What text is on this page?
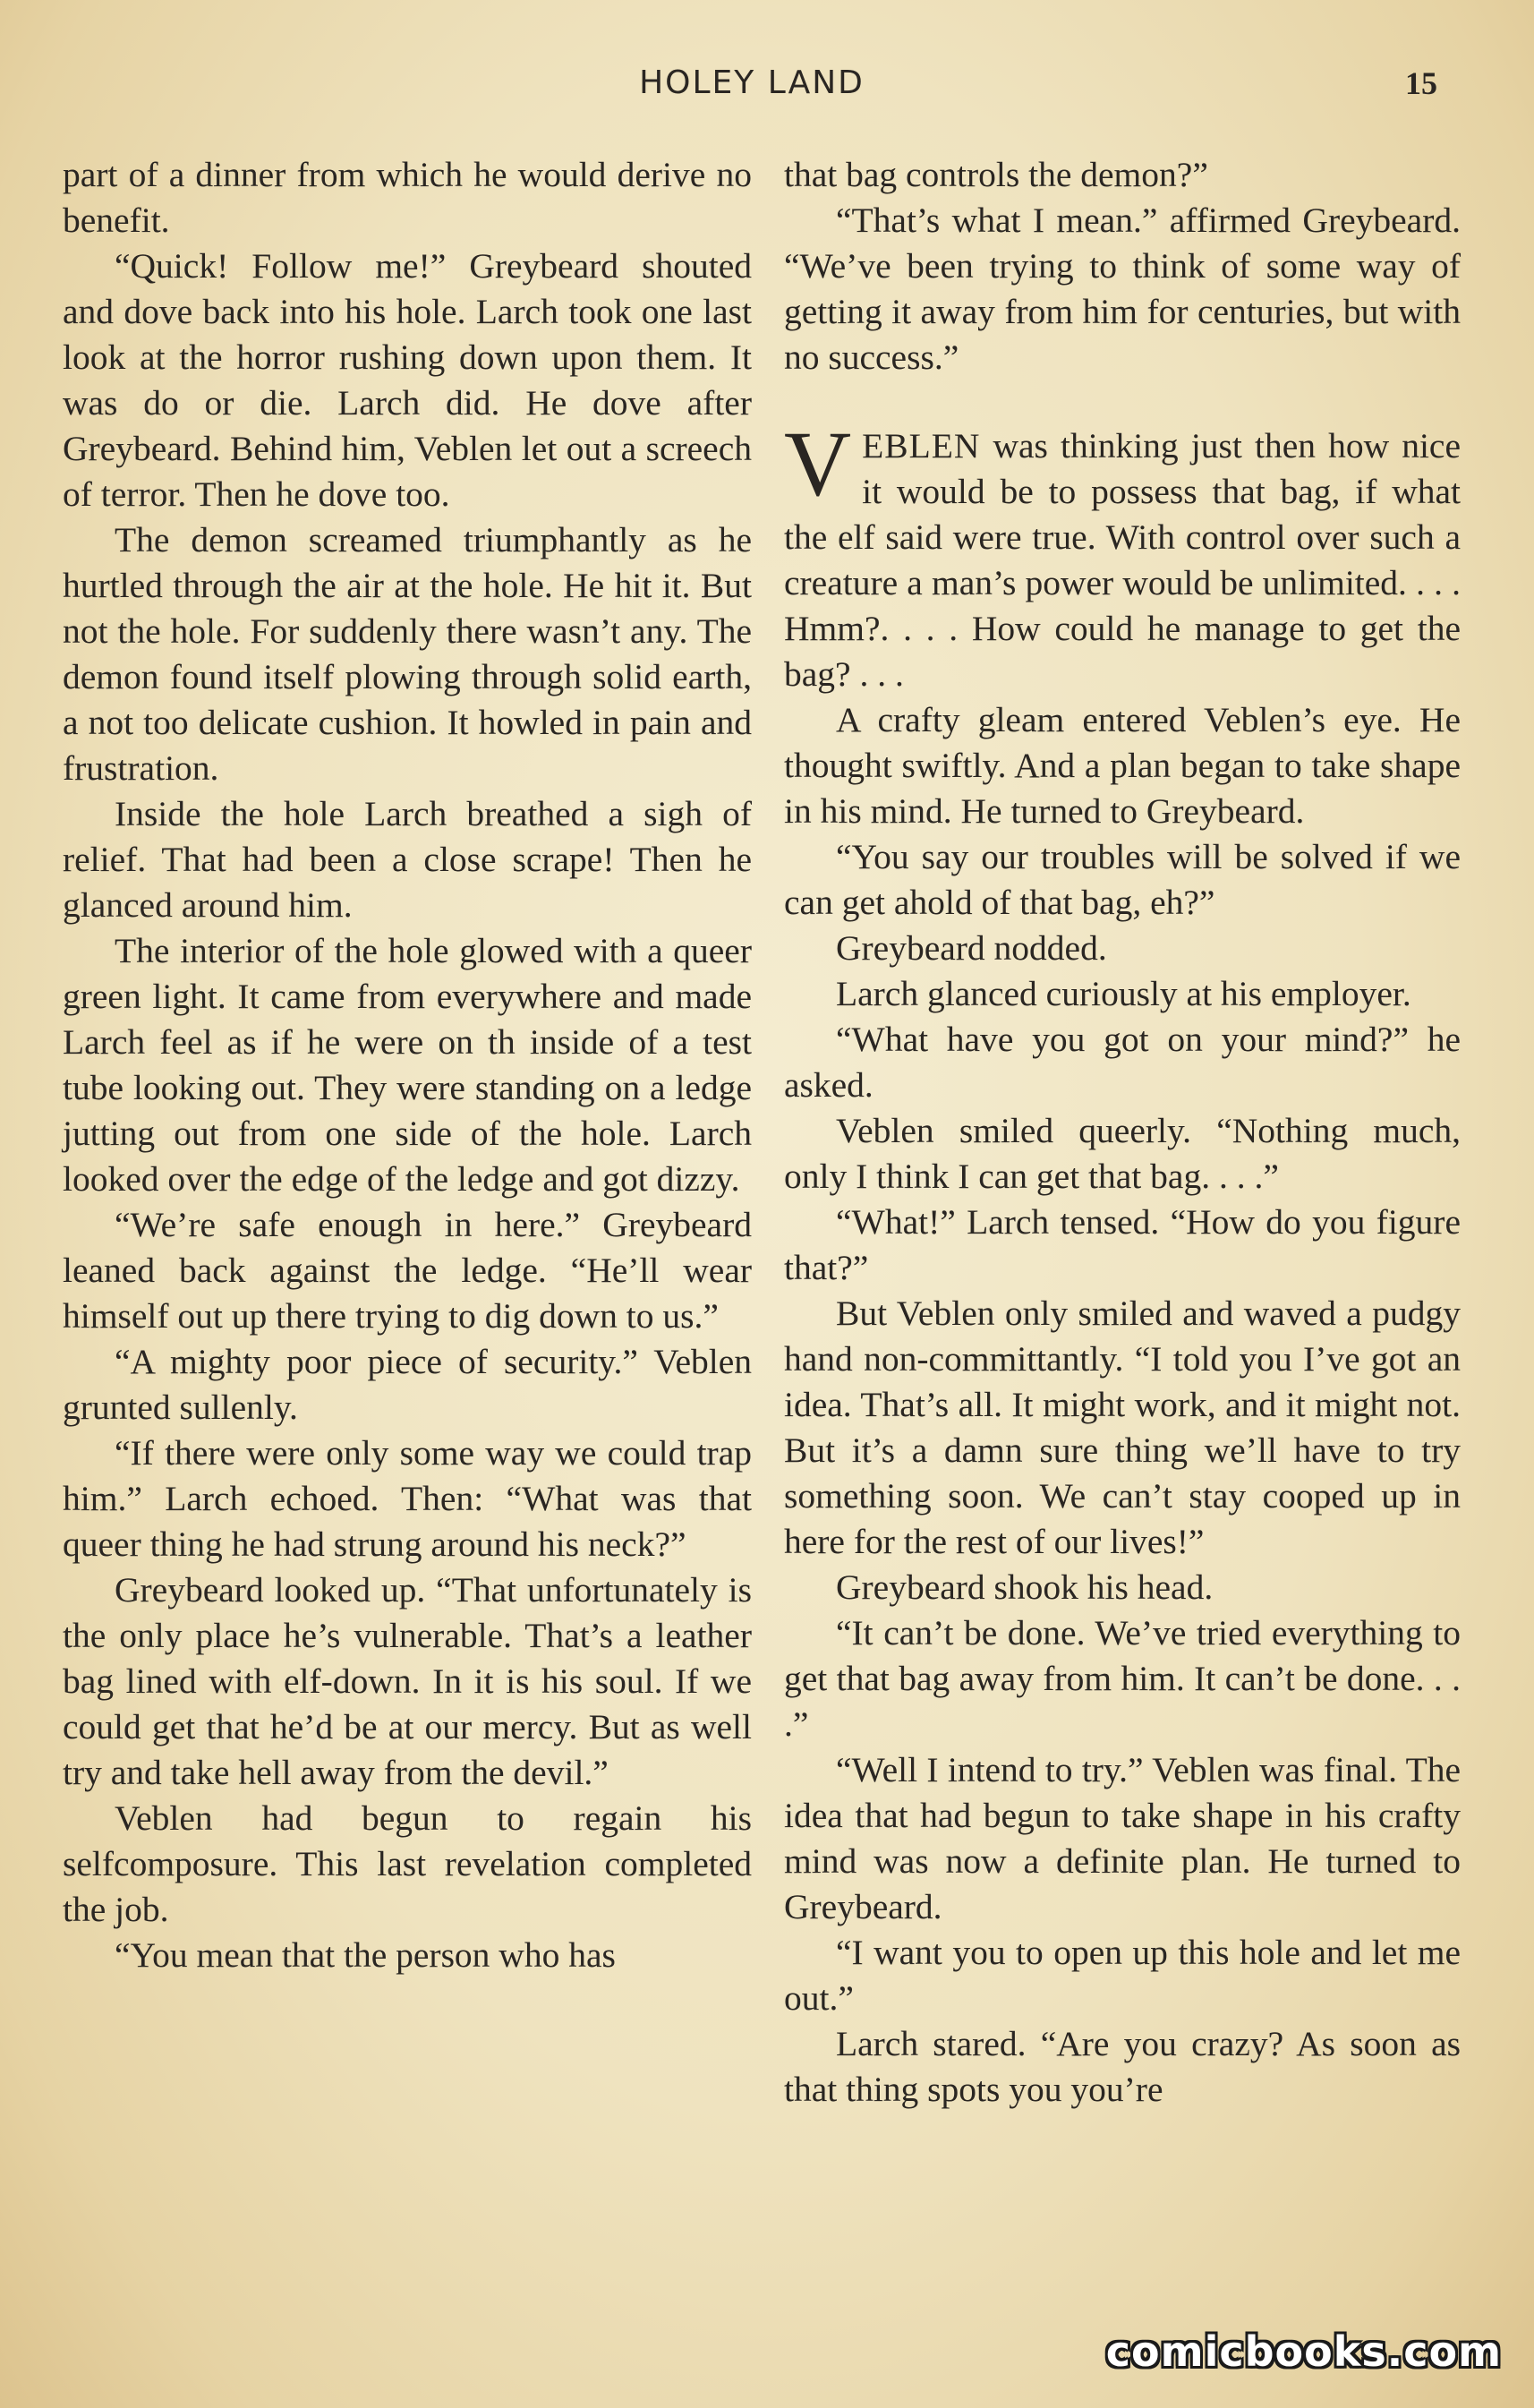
HOLEY LAND	15

part of a dinner from which he would derive no benefit.

“Quick! Follow me!” Greybeard shouted and dove back into his hole. Larch took one last look at the horror rushing down upon them. It was do or die. Larch did. He dove after Greybeard. Behind him, Veblen let out a screech of terror. Then he dove too.

The demon screamed triumphantly as he hurtled through the air at the hole. He hit it. But not the hole. For suddenly there wasn’t any. The demon found itself plowing through solid earth, a not too delicate cushion. It howled in pain and frustration.

Inside the hole Larch breathed a sigh of relief. That had been a close scrape! Then he glanced around him.

The interior of the hole glowed with a queer green light. It came from everywhere and made Larch feel as if he were on th inside of a test tube looking out. They were standing on a ledge jutting out from one side of the hole. Larch looked over the edge of the ledge and got dizzy.

“We’re safe enough in here.” Greybeard leaned back against the ledge. “He’ll wear himself out up there trying to dig down to us.”

“A mighty poor piece of security.” Veblen grunted sullenly.

“If there were only some way we could trap him.” Larch echoed. Then: “What was that queer thing he had strung around his neck?”

Greybeard looked up. “That unfortunately is the only place he’s vulnerable. That’s a leather bag lined with elf-down. In it is his soul. If we could get that he’d be at our mercy. But as well try and take hell away from the devil.”

Veblen had begun to regain his selfcomposure. This last revelation completed the job.

“You mean that the person who has

that bag controls the demon?”

“That’s what I mean.” affirmed Greybeard. “We’ve been trying to think of some way of getting it away from him for centuries, but with no success.”

VEBLEN was thinking just then how nice it would be to possess that bag, if what the elf said were true. With control over such a creature a man’s power would be unlimited. . . . Hmm?. . . . How could he manage to get the bag? . . .

A crafty gleam entered Veblen’s eye. He thought swiftly. And a plan began to take shape in his mind. He turned to Greybeard.

“You say our troubles will be solved if we can get ahold of that bag, eh?”

Greybeard nodded.

Larch glanced curiously at his employer.

“What have you got on your mind?” he asked.

Veblen smiled queerly. “Nothing much, only I think I can get that bag. . . .”

“What!” Larch tensed. “How do you figure that?”

But Veblen only smiled and waved a pudgy hand non-committantly. “I told you I’ve got an idea. That’s all. It might work, and it might not. But it’s a damn sure thing we’ll have to try something soon. We can’t stay cooped up in here for the rest of our lives!”

Greybeard shook his head.

“It can’t be done. We’ve tried everything to get that bag away from him. It can’t be done. . . .”

“Well I intend to try.” Veblen was final. The idea that had begun to take shape in his crafty mind was now a definite plan. He turned to Greybeard.

“I want you to open up this hole and let me out.”

Larch stared. “Are you crazy? As soon as that thing spots you you’re

comicbooks.com
